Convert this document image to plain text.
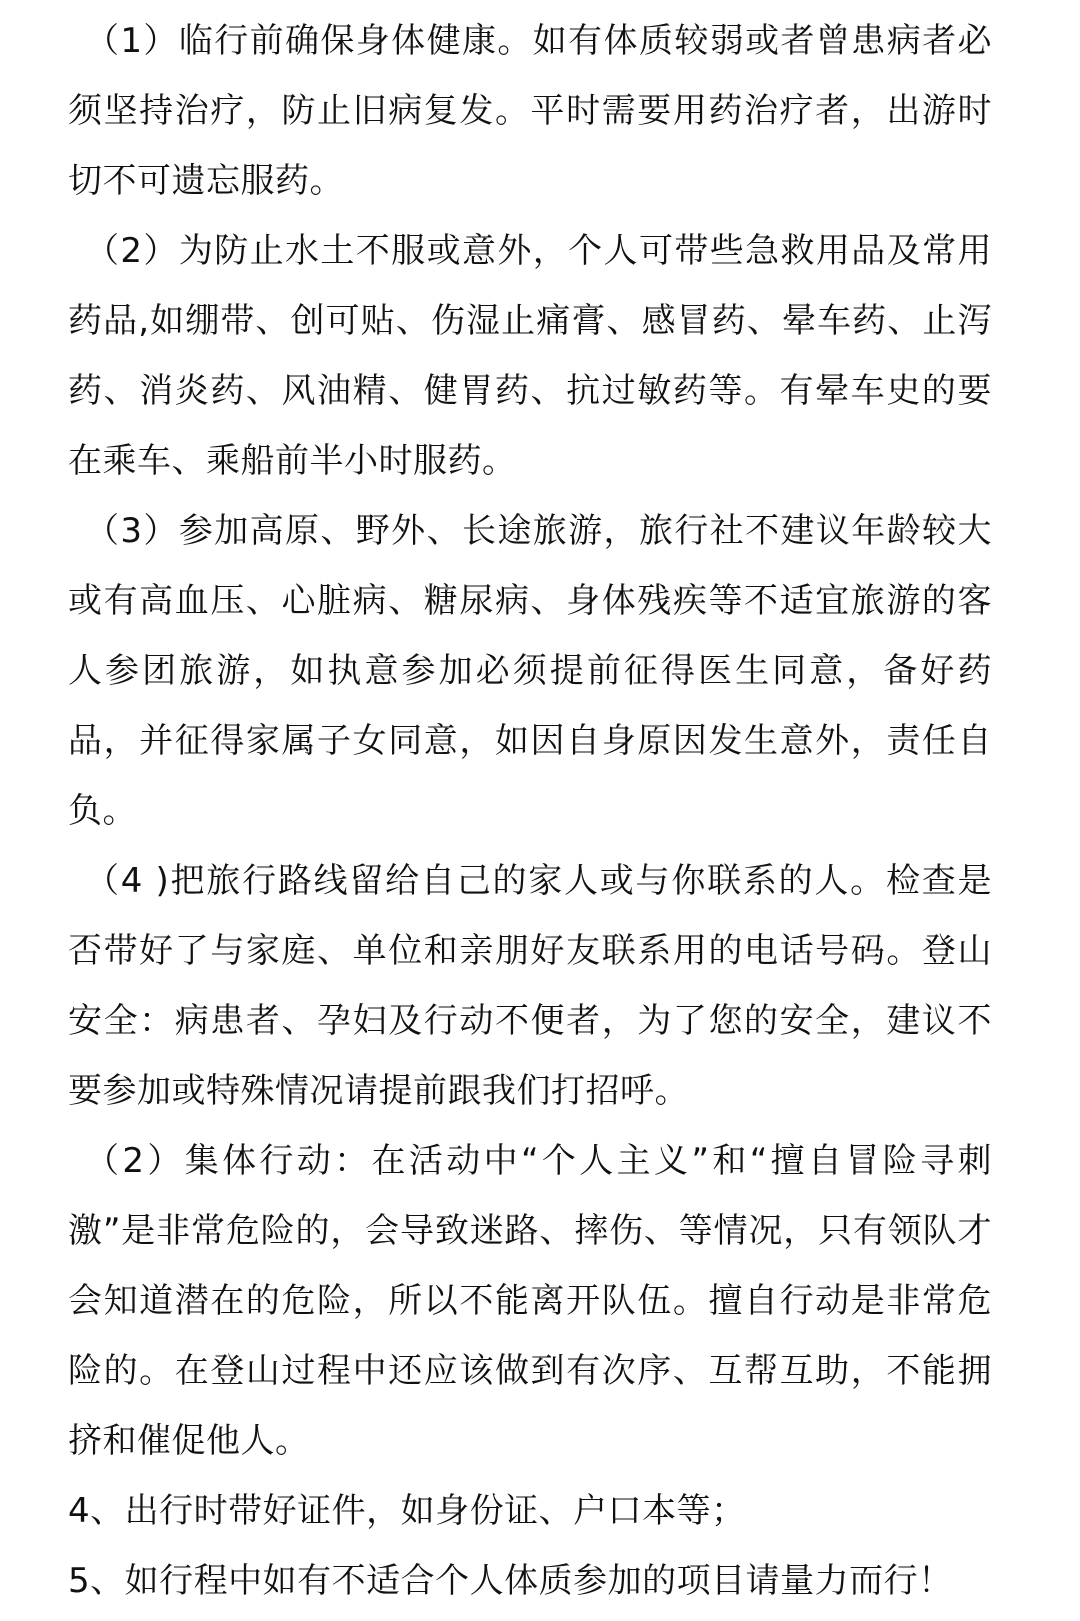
（1）临行前确保身体健康。如有体质较弱或者曾患病者必须坚持治疗，防止旧病复发。平时需要用药治疗者，出游时切不可遗忘服药。

（2）为防止水土不服或意外，个人可带些急救用品及常用药品,如绷带、创可贴、伤湿止痛膏、感冒药、晕车药、止泻药、消炎药、风油精、健胃药、抗过敏药等。有晕车史的要在乘车、乘船前半小时服药。

（3）参加高原、野外、长途旅游，旅行社不建议年龄较大或有高血压、心脏病、糖尿病、身体残疾等不适宜旅游的客人参团旅游，如执意参加必须提前征得医生同意，备好药品，并征得家属子女同意，如因自身原因发生意外，责任自负。

（4 )把旅行路线留给自己的家人或与你联系的人。检查是否带好了与家庭、单位和亲朋好友联系用的电话号码。登山安全：病患者、孕妇及行动不便者，为了您的安全，建议不要参加或特殊情况请提前跟我们打招呼。

（2）集体行动：在活动中“个人主义”和“擅自冒险寻刺激”是非常危险的，会导致迷路、摔伤、等情况，只有领队才会知道潜在的危险，所以不能离开队伍。擅自行动是非常危险的。在登山过程中还应该做到有次序、互帮互助，不能拥挤和催促他人。

4、出行时带好证件，如身份证、户口本等；

5、如行程中如有不适合个人体质参加的项目请量力而行！
